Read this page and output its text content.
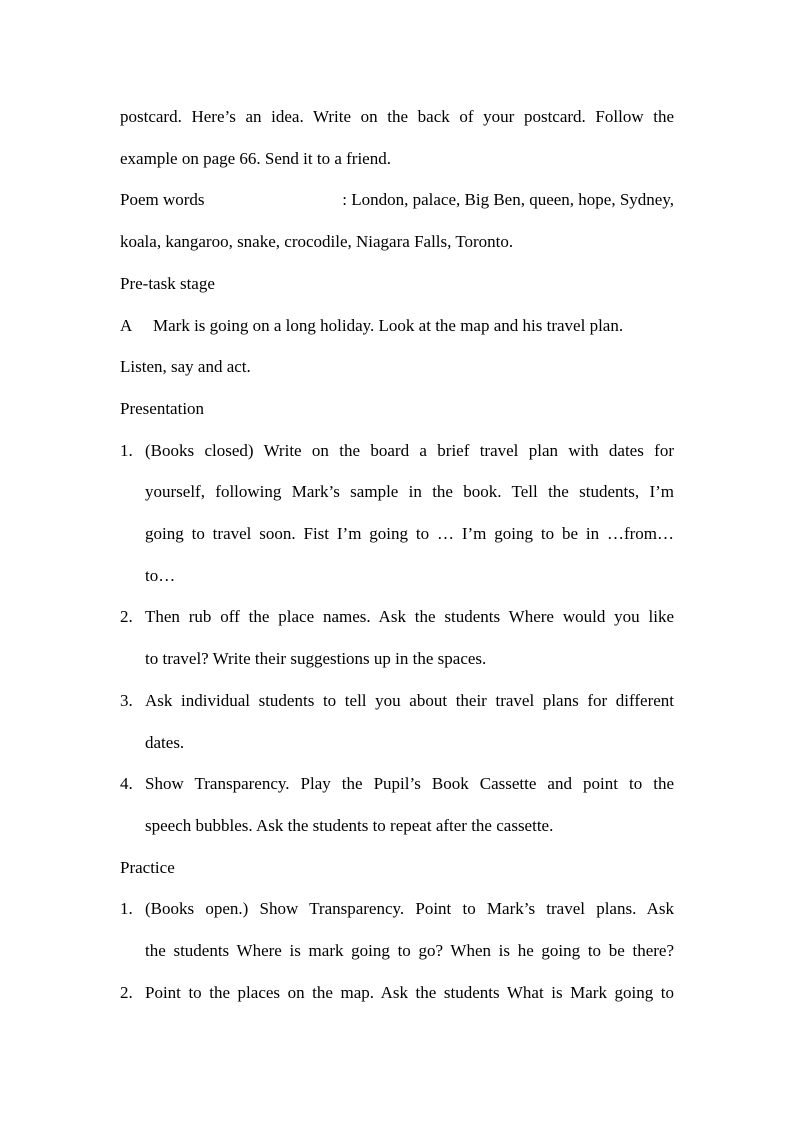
postcard. Here’s an idea. Write on the back of your postcard. Follow the
example on page 66. Send it to a friend.
Poem words	: London, palace, Big Ben, queen, hope, Sydney,
koala, kangaroo, snake, crocodile, Niagara Falls, Toronto.
Pre-task stage
A Mark is going on a long holiday. Look at the map and his travel plan.
Listen, say and act.
Presentation
1. (Books closed) Write on the board a brief travel plan with dates for
yourself, following Mark’s sample in the book. Tell the students, I’m
going to travel soon. Fist I’m going to … I’m going to be in …from…
to…
2. Then rub off the place names. Ask the students Where would you like
to travel? Write their suggestions up in the spaces.
3. Ask individual students to tell you about their travel plans for different
dates.
4. Show Transparency. Play the Pupil’s Book Cassette and point to the
speech bubbles. Ask the students to repeat after the cassette.
Practice
1. (Books open.) Show Transparency. Point to Mark’s travel plans. Ask
the students Where is mark going to go? When is he going to be there?
2. Point to the places on the map. Ask the students What is Mark going to
